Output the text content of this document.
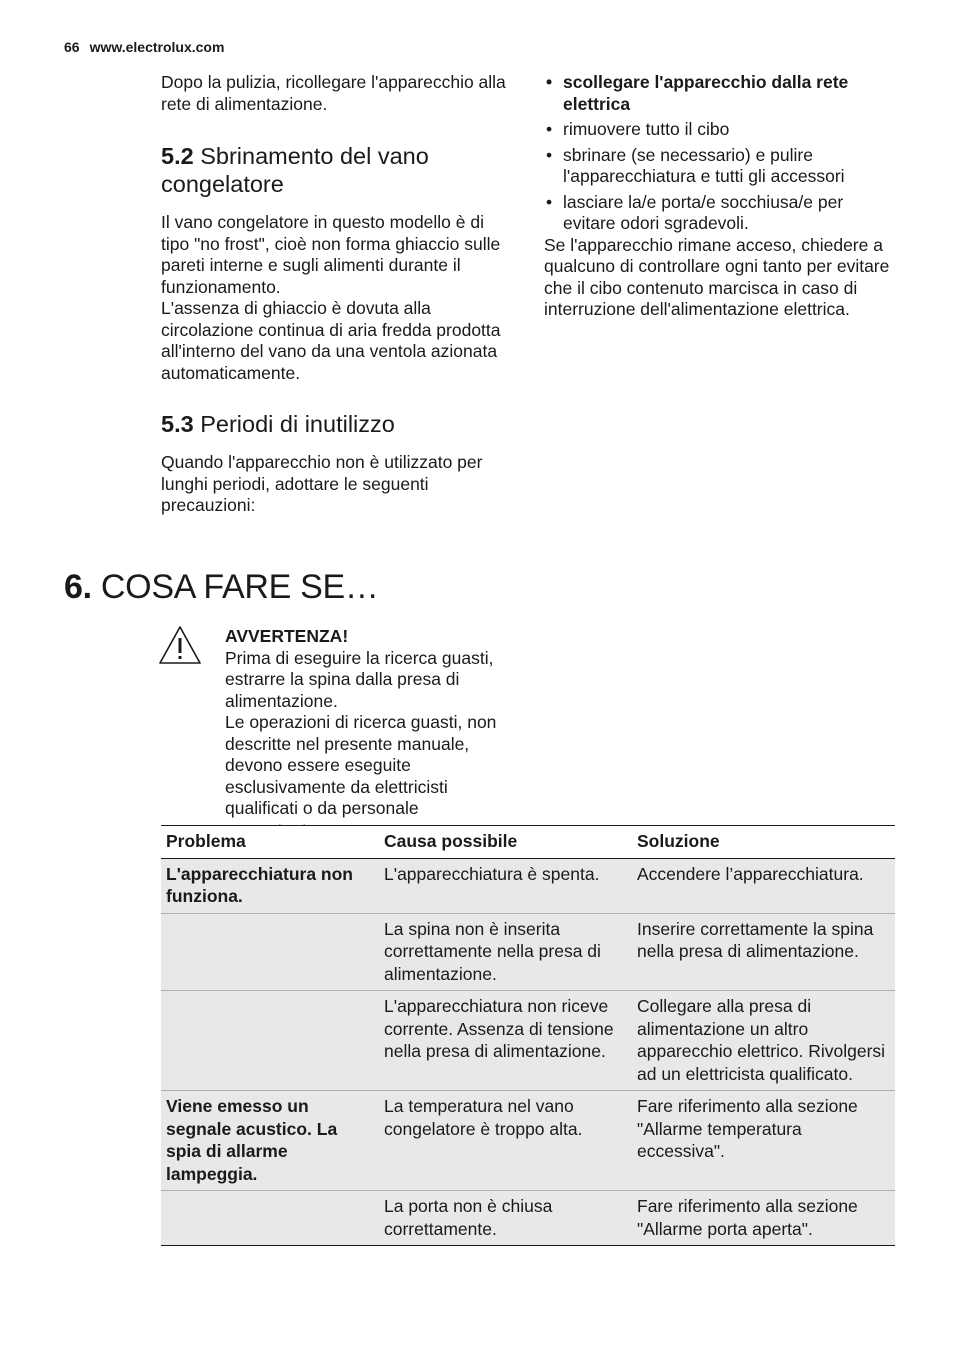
66 www.electrolux.com

Dopo la pulizia, ricollegare l'apparecchio alla rete di alimentazione.

5.2 Sbrinamento del vano congelatore

Il vano congelatore in questo modello è di tipo "no frost", cioè non forma ghiaccio sulle pareti interne e sugli alimenti durante il funzionamento.

L'assenza di ghiaccio è dovuta alla circolazione continua di aria fredda prodotta all'interno del vano da una ventola azionata automaticamente.

5.3 Periodi di inutilizzo

Quando l'apparecchio non è utilizzato per lunghi periodi, adottare le seguenti precauzioni:

• scollegare l'apparecchio dalla rete elettrica
• rimuovere tutto il cibo
• sbrinare (se necessario) e pulire l'apparecchiatura e tutti gli accessori
• lasciare la/e porta/e socchiusa/e per evitare odori sgradevoli.

Se l'apparecchio rimane acceso, chiedere a qualcuno di controllare ogni tanto per evitare che il cibo contenuto marcisca in caso di interruzione dell'alimentazione elettrica.

6. COSA FARE SE…
AVVERTENZA!

Prima di eseguire la ricerca guasti, estrarre la spina dalla presa di alimentazione.

Le operazioni di ricerca guasti, non descritte nel presente manuale, devono essere eseguite esclusivamente da elettricisti qualificati o da personale

Problema	Causa possibile	Soluzione
L'apparecchiatura non funziona.	L'apparecchiatura è spenta.	Accendere l’apparecchiatura.
	La spina non è inserita correttamente nella presa di alimentazione.	Inserire correttamente la spina nella presa di alimentazione.
	L'apparecchiatura non riceve corrente. Assenza di tensione nella presa di alimentazione.	Collegare alla presa di alimentazione un altro apparecchio elettrico. Rivolgersi ad un elettricista qualificato.
Viene emesso un segnale acustico. La spia di allarme lampeggia.	La temperatura nel vano congelatore è troppo alta.	Fare riferimento alla sezione "Allarme temperatura eccessiva".
	La porta non è chiusa correttamente.	Fare riferimento alla sezione "Allarme porta aperta".
